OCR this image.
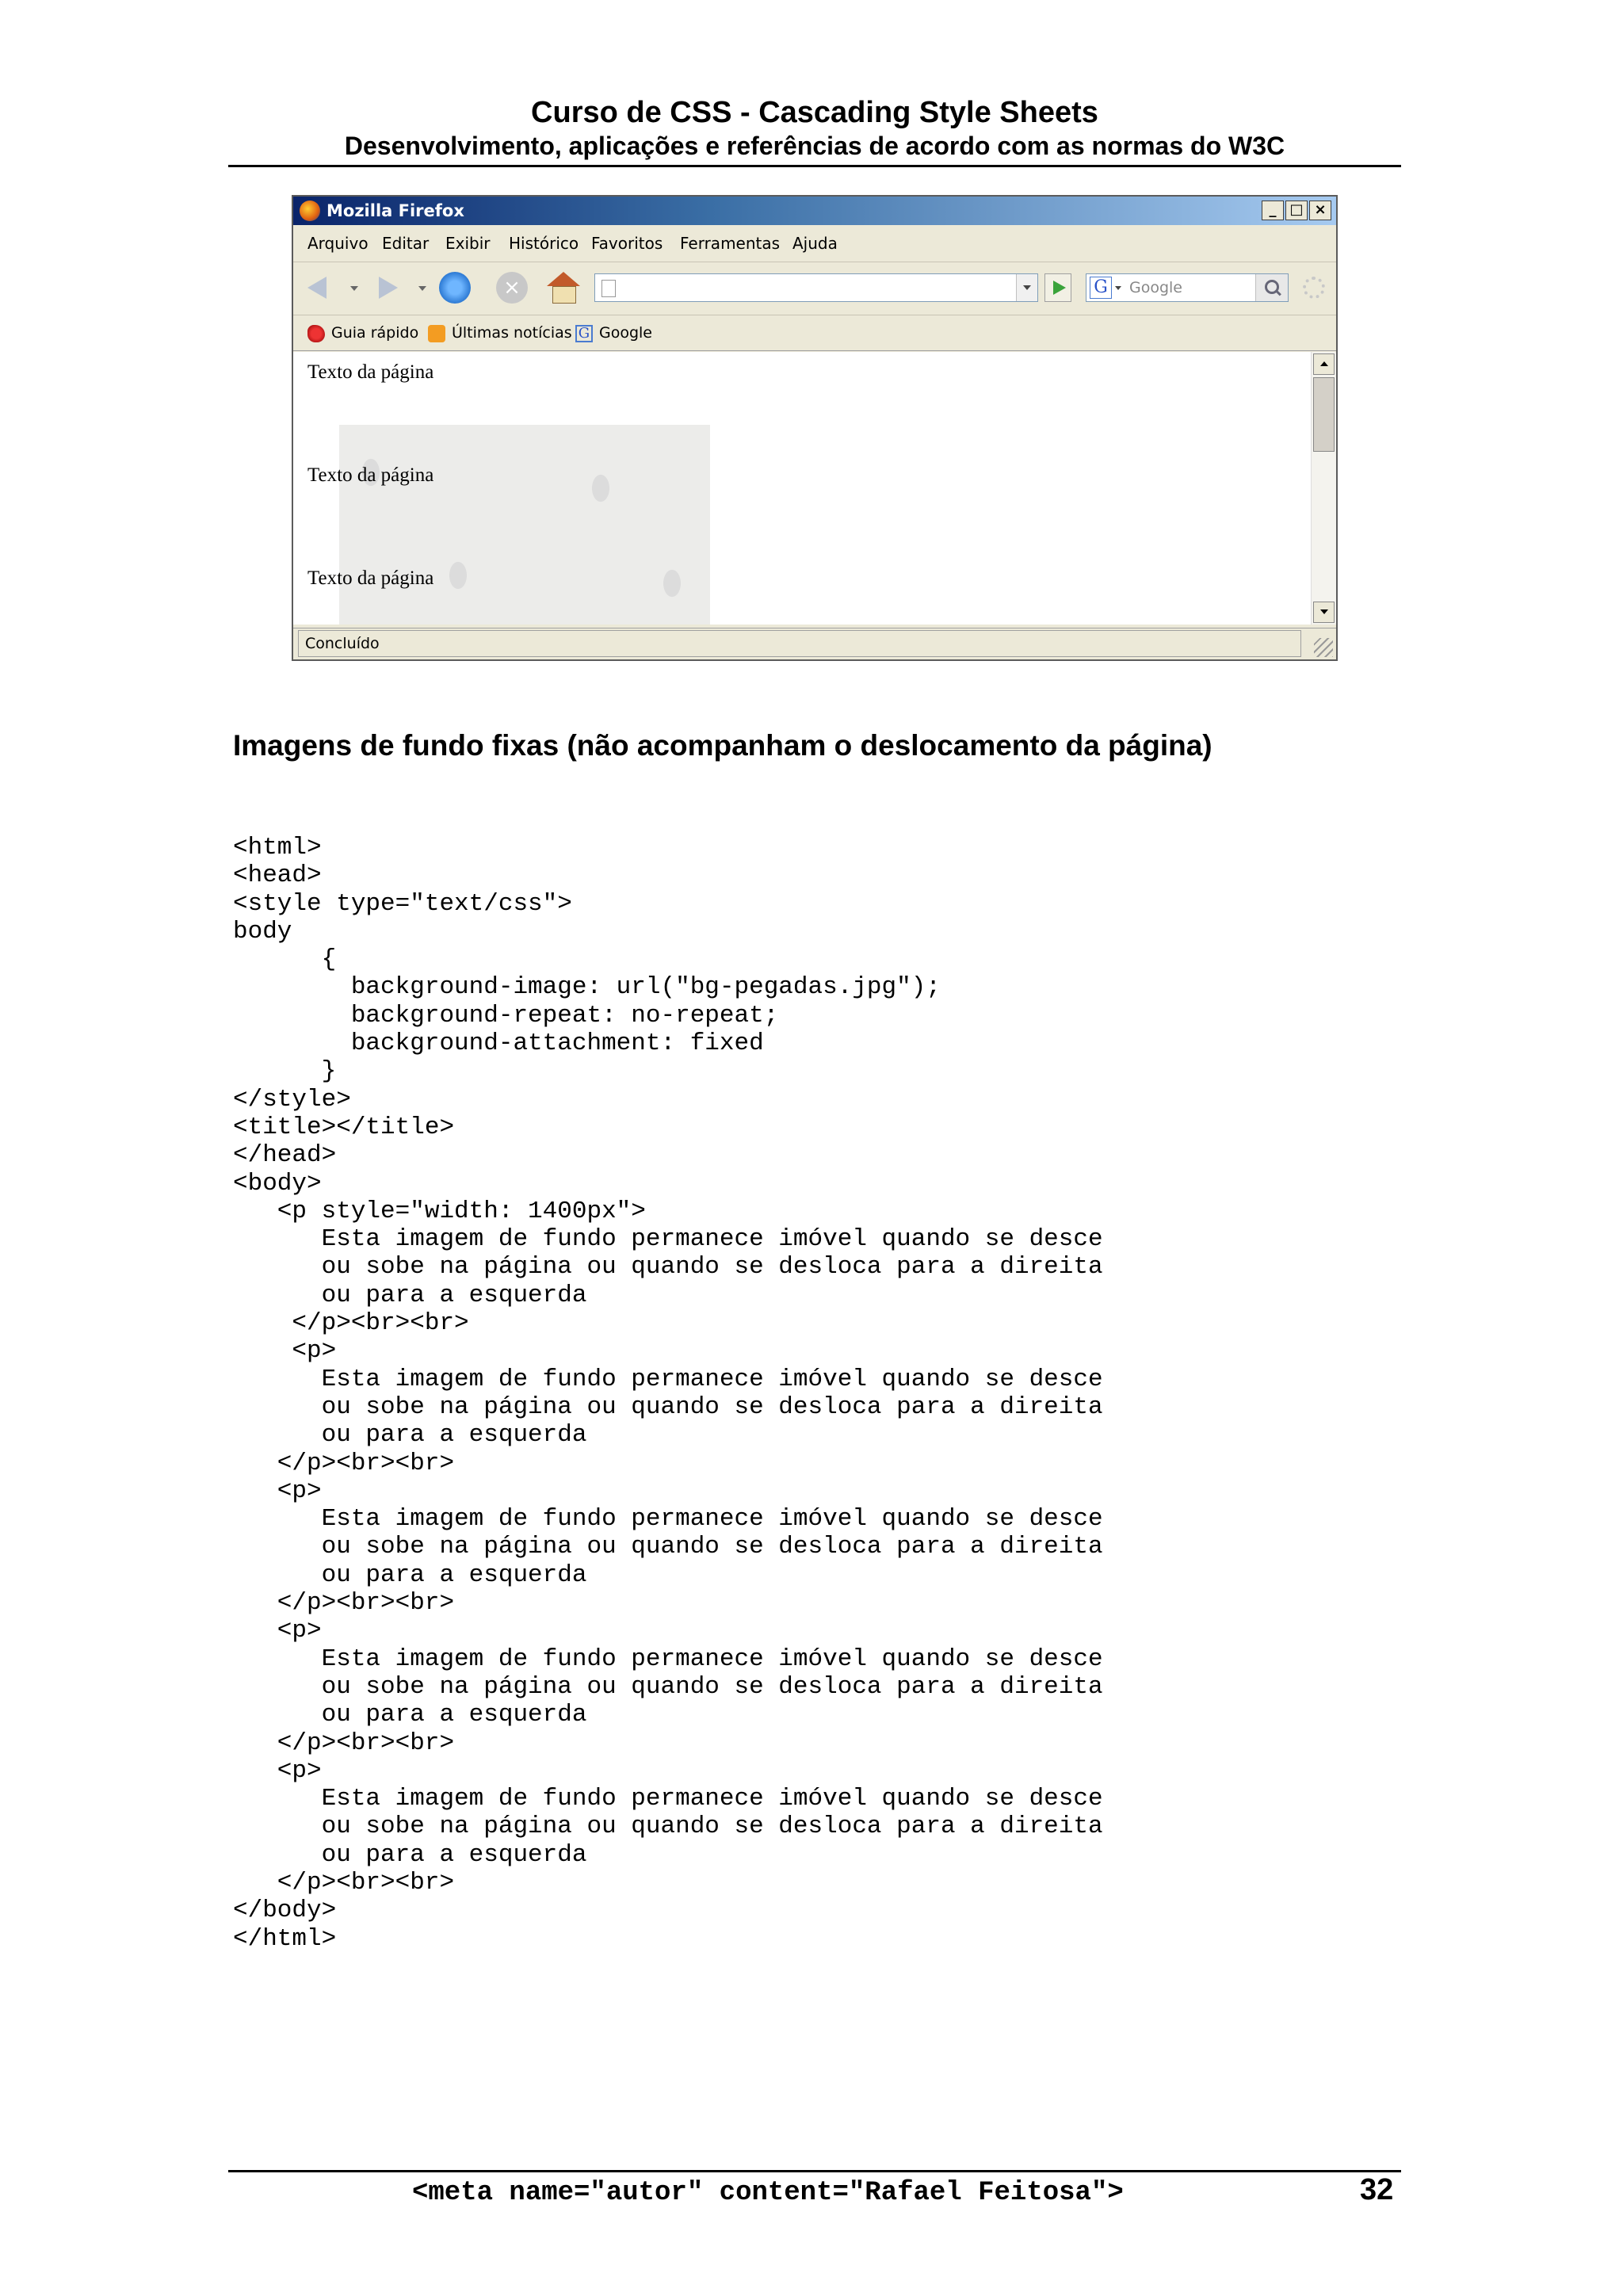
Curso de CSS - Cascading Style Sheets
Desenvolvimento, aplicações e referências de acordo com as normas do W3C
Mozilla Firefox	_ □ ×
Arquivo Editar Exibir Histórico Favoritos Ferramentas Ajuda
×	G Google
Guia rápido	Últimas notícias G Google
Texto da página
Texto da página
Texto da página
Concluído
Imagens de fundo fixas (não acompanham o deslocamento da página)
<html>
<head>
<style type="text/css">
body
{
background-image: url("bg-pegadas.jpg");
background-repeat: no-repeat;
background-attachment: fixed
}
</style>
<title></title>
</head>
<body>
<p style="width: 1400px">
Esta imagem de fundo permanece imóvel quando se desce
ou sobe na página ou quando se desloca para a direita
ou para a esquerda
</p><br><br>
<p>
Esta imagem de fundo permanece imóvel quando se desce
ou sobe na página ou quando se desloca para a direita
ou para a esquerda
</p><br><br>
<p>
Esta imagem de fundo permanece imóvel quando se desce
ou sobe na página ou quando se desloca para a direita
ou para a esquerda
</p><br><br>
<p>
Esta imagem de fundo permanece imóvel quando se desce
ou sobe na página ou quando se desloca para a direita
ou para a esquerda
</p><br><br>
<p>
Esta imagem de fundo permanece imóvel quando se desce
ou sobe na página ou quando se desloca para a direita
ou para a esquerda
</p><br><br>
</body>
</html>
<meta name="autor" content="Rafael Feitosa">	32
